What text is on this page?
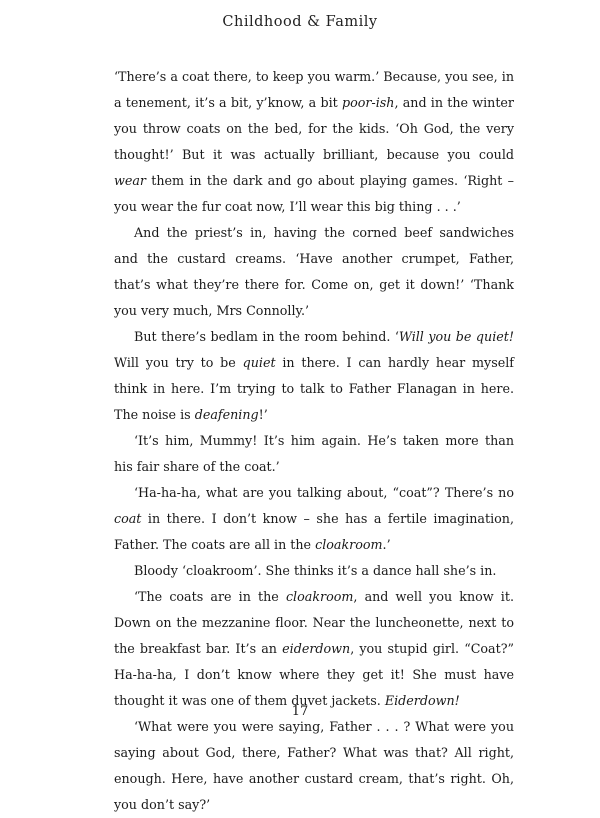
Childhood & Family

‘There’s a coat there, to keep you warm.’ Because, you see, in a tenement, it’s a bit, y’know, a bit poor-ish, and in the winter you throw coats on the bed, for the kids. ‘Oh God, the very thought!’ But it was actually brilliant, because you could wear them in the dark and go about playing games. ‘Right – you wear the fur coat now, I’ll wear this big thing . . .’

And the priest’s in, having the corned beef sandwiches and the custard creams. ‘Have another crumpet, Father, that’s what they’re there for. Come on, get it down!’ ‘Thank you very much, Mrs Connolly.’

But there’s bedlam in the room behind. ‘Will you be quiet! Will you try to be quiet in there. I can hardly hear myself think in here. I’m trying to talk to Father Flanagan in here. The noise is deafening!’

‘It’s him, Mummy! It’s him again. He’s taken more than his fair share of the coat.’

‘Ha-ha-ha, what are you talking about, “coat”? There’s no coat in there. I don’t know – she has a fertile imagination, Father. The coats are all in the cloakroom.’

Bloody ‘cloakroom’. She thinks it’s a dance hall she’s in.

‘The coats are in the cloakroom, and well you know it. Down on the mezzanine floor. Near the luncheonette, next to the breakfast bar. It’s an eiderdown, you stupid girl. “Coat?” Ha-ha-ha, I don’t know where they get it! She must have thought it was one of them duvet jackets. Eiderdown!

‘What were you were saying, Father . . . ? What were you saying about God, there, Father? What was that? All right, enough. Here, have another custard cream, that’s right. Oh, you don’t say?’

17
